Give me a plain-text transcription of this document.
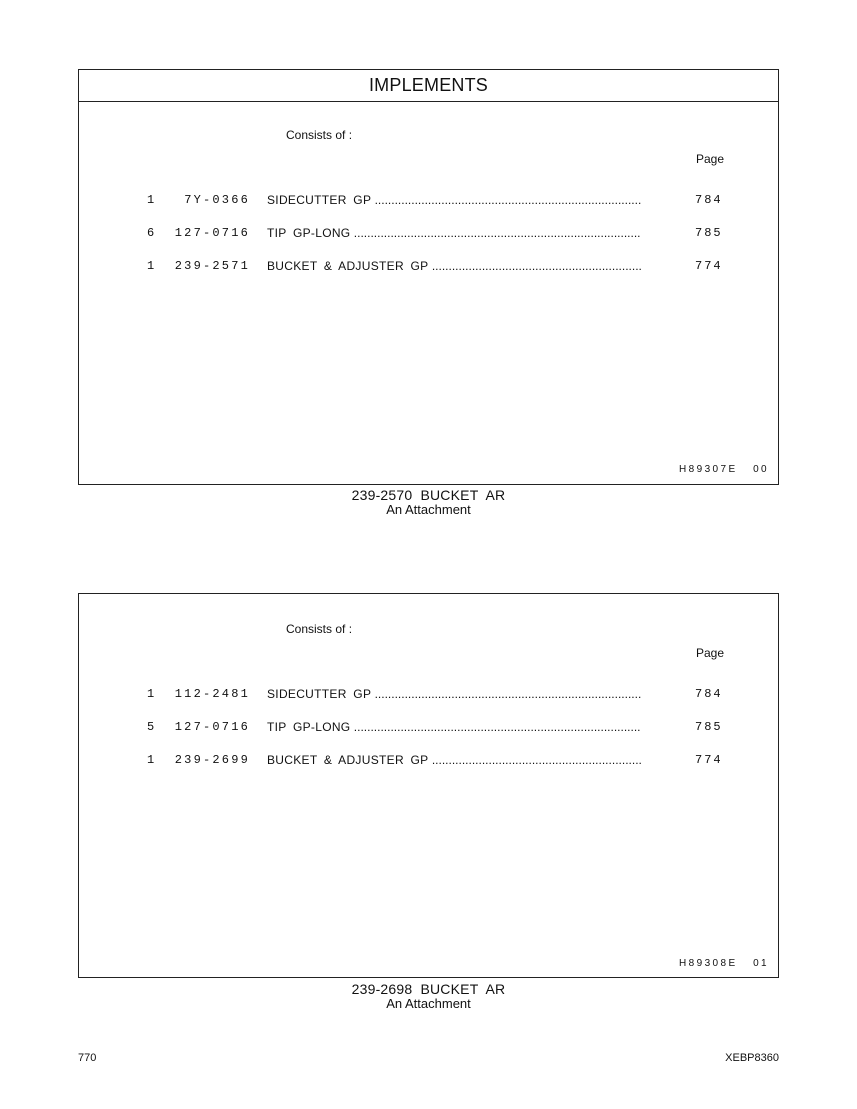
IMPLEMENTS
Consists of :
Page
1 7Y-0366 SIDECUTTER GP .....	784
6 127-0716 TIP GP-LONG .....	785
1 239-2571 BUCKET & ADJUSTER GP .....	774
H89307E   00
239-2570 BUCKET AR
An Attachment
Consists of :
Page
1 112-2481 SIDECUTTER GP .....	784
5 127-0716 TIP GP-LONG .....	785
1 239-2699 BUCKET & ADJUSTER GP .....	774
H89308E   01
239-2698 BUCKET AR
An Attachment
770	XEBP8360
